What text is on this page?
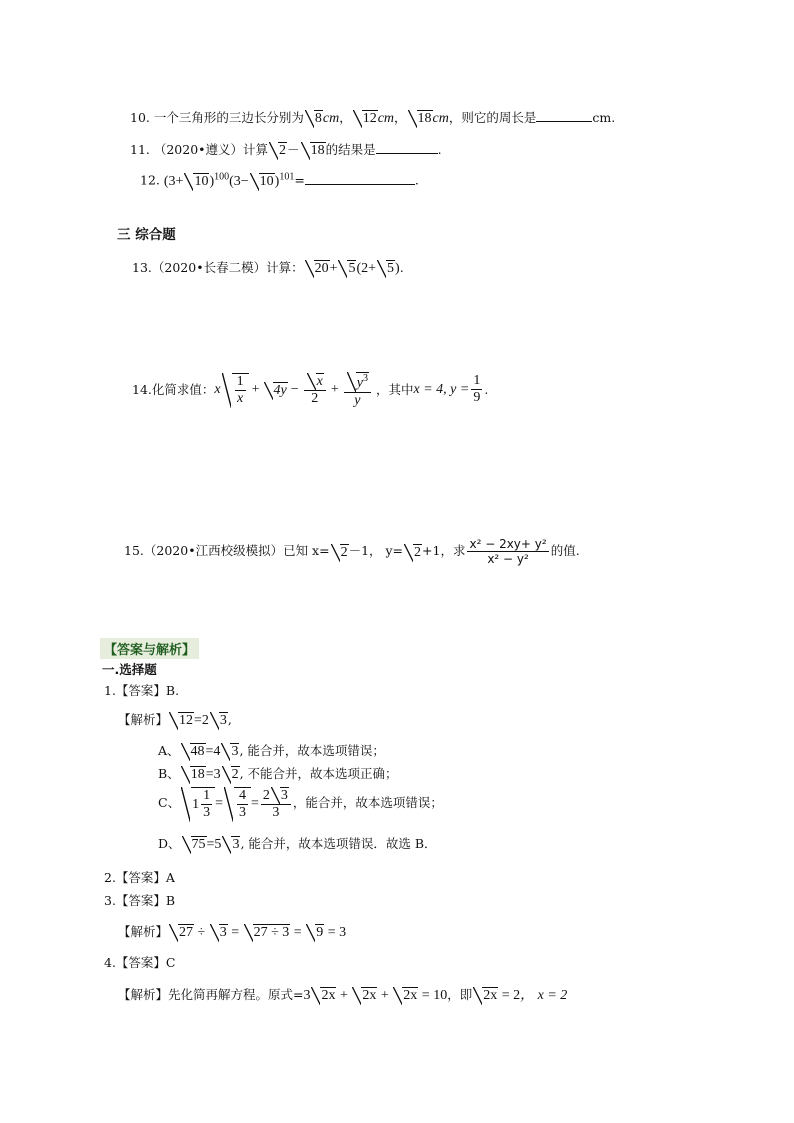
10. 一个三角形的三边长分别为 8cm， 12cm， 18cm，则它的周长是	cm.
11. （2020•遵义）计算 2－ 18的结果是	.
12. $(3+ 10)^{100}(3- 10)^{101}=$	.
三 综合题
13.（2020•长春二模）计算： 20+ 5(2+ 5).
14.化简求值： x $\frac{1}{x}$ +	$4y - \frac{x}{2} + \frac{y^3}{y}$ ，其中 x = 4, $y = \frac{1}{9}$ .
15.（2020•江西校级模拟）已知 x= 2 －1， y= 2 +1，求 $\frac{\text{x² − 2xy+ y²}}{\text{x² − y²}}$ 的值.
【答案与解析】
一.选择题
1.【答案】B.
【解析】 12=2 3,
A、 48=4 3, 能合并，故本选项错误；
B、 18=3 2, 不能合并，故本选项正确；
C、 $1 \frac{1}{3} = \frac{4}{3} = \frac{2 3}{3}$ ，能合并，故本选项错误；
D、 75=5 3, 能合并，故本选项错误．故选 B．
2.【答案】A
3.【答案】B
【解析】 27 ÷ 3 = 27 ÷ 3 = 9 = 3
4.【答案】C
【解析】先化简再解方程。原式=3 2x + 2x + 2x = 10，即 2x = 2， x = 2
